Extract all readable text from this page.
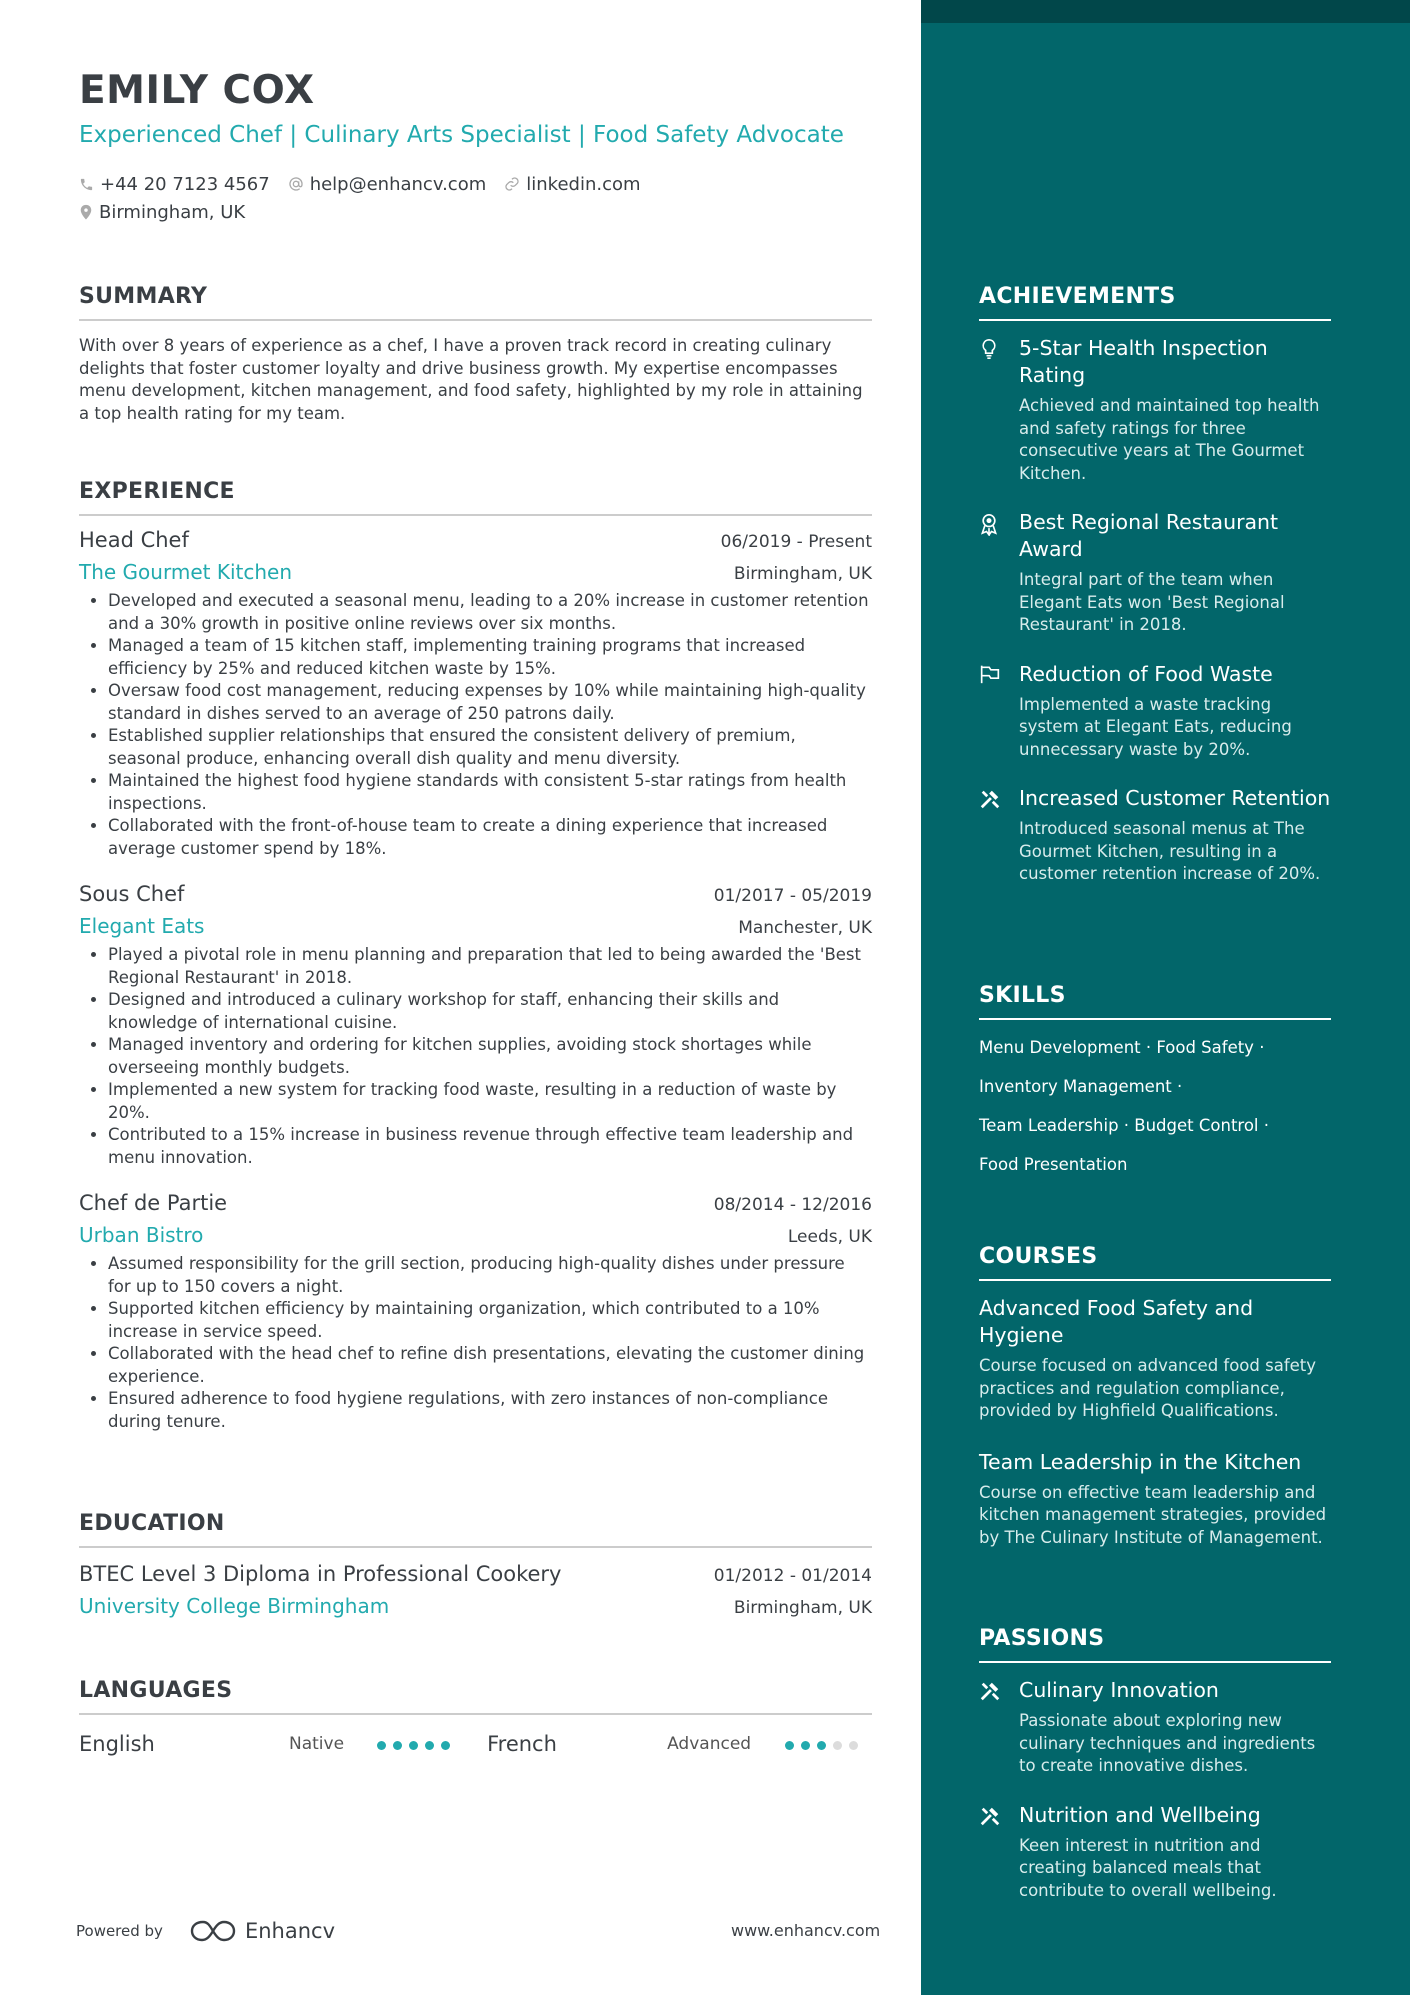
EMILY COX
Experienced Chef | Culinary Arts Specialist | Food Safety Advocate
+44 20 7123 4567 help@enhancv.com linkedin.com
Birmingham, UK
SUMMARY
With over 8 years of experience as a chef, I have a proven track record in creating culinary delights that foster customer loyalty and drive business growth. My expertise encompasses menu development, kitchen management, and food safety, highlighted by my role in attaining a top health rating for my team.
EXPERIENCE
Head Chef	06/2019 - Present
The Gourmet Kitchen	Birmingham, UK
• Developed and executed a seasonal menu, leading to a 20% increase in customer retention and a 30% growth in positive online reviews over six months.
• Managed a team of 15 kitchen staff, implementing training programs that increased efficiency by 25% and reduced kitchen waste by 15%.
• Oversaw food cost management, reducing expenses by 10% while maintaining high-quality standard in dishes served to an average of 250 patrons daily.
• Established supplier relationships that ensured the consistent delivery of premium, seasonal produce, enhancing overall dish quality and menu diversity.
• Maintained the highest food hygiene standards with consistent 5-star ratings from health inspections.
• Collaborated with the front-of-house team to create a dining experience that increased average customer spend by 18%.
Sous Chef	01/2017 - 05/2019
Elegant Eats	Manchester, UK
• Played a pivotal role in menu planning and preparation that led to being awarded the 'Best Regional Restaurant' in 2018.
• Designed and introduced a culinary workshop for staff, enhancing their skills and knowledge of international cuisine.
• Managed inventory and ordering for kitchen supplies, avoiding stock shortages while overseeing monthly budgets.
• Implemented a new system for tracking food waste, resulting in a reduction of waste by 20%.
• Contributed to a 15% increase in business revenue through effective team leadership and menu innovation.
Chef de Partie	08/2014 - 12/2016
Urban Bistro	Leeds, UK
• Assumed responsibility for the grill section, producing high-quality dishes under pressure for up to 150 covers a night.
• Supported kitchen efficiency by maintaining organization, which contributed to a 10% increase in service speed.
• Collaborated with the head chef to refine dish presentations, elevating the customer dining experience.
• Ensured adherence to food hygiene regulations, with zero instances of non-compliance during tenure.
EDUCATION
BTEC Level 3 Diploma in Professional Cookery	01/2012 - 01/2014
University College Birmingham	Birmingham, UK
LANGUAGES
English	Native	French	Advanced
Powered by	Enhancv	www.enhancv.com
ACHIEVEMENTS
5-Star Health Inspection Rating
Achieved and maintained top health and safety ratings for three consecutive years at The Gourmet Kitchen.
Best Regional Restaurant Award
Integral part of the team when Elegant Eats won 'Best Regional Restaurant' in 2018.
Reduction of Food Waste
Implemented a waste tracking system at Elegant Eats, reducing unnecessary waste by 20%.
Increased Customer Retention
Introduced seasonal menus at The Gourmet Kitchen, resulting in a customer retention increase of 20%.
SKILLS
Menu Development · Food Safety ·
Inventory Management ·
Team Leadership · Budget Control ·
Food Presentation
COURSES
Advanced Food Safety and Hygiene
Course focused on advanced food safety practices and regulation compliance, provided by Highfield Qualifications.
Team Leadership in the Kitchen
Course on effective team leadership and kitchen management strategies, provided by The Culinary Institute of Management.
PASSIONS
Culinary Innovation
Passionate about exploring new culinary techniques and ingredients to create innovative dishes.
Nutrition and Wellbeing
Keen interest in nutrition and creating balanced meals that contribute to overall wellbeing.
